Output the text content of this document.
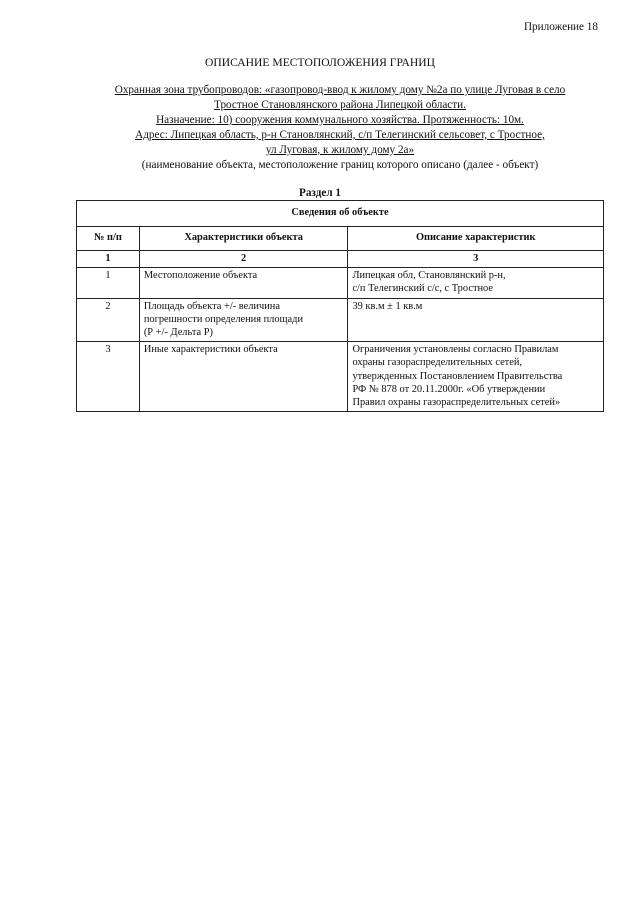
Приложение 18
ОПИСАНИЕ МЕСТОПОЛОЖЕНИЯ ГРАНИЦ
Охранная зона трубопроводов: «газопровод-ввод к жилому дому №2а по улице Луговая в село
Тростное Становлянского района Липецкой области.
Назначение: 10) сооружения коммунального хозяйства. Протяженность: 10м.
Адрес: Липецкая область, р-н Становлянский, с/п Телегинский сельсовет, с Тростное,
ул Луговая, к жилому дому 2а»
(наименование объекта, местоположение границ которого описано (далее - объект)
Раздел 1
Сведения об объекте		
№ п/п	Характеристики объекта	Описание характеристик
1	2	3
1	Местоположение объекта	Липецкая обл, Становлянский р-н,
с/п Телегинский с/с, с Тростное

2	Площадь объекта +/- величина
погрешности определения площади
(Р +/- Дельта Р)	39 кв.м ± 1 кв.м

3	Иные характеристики объекта	Ограничения установлены согласно Правилам
охраны газораспределительных сетей,
утвержденных Постановлением Правительства
РФ № 878 от 20.11.2000г. «Об утверждении
Правил охраны газораспределительных сетей»
